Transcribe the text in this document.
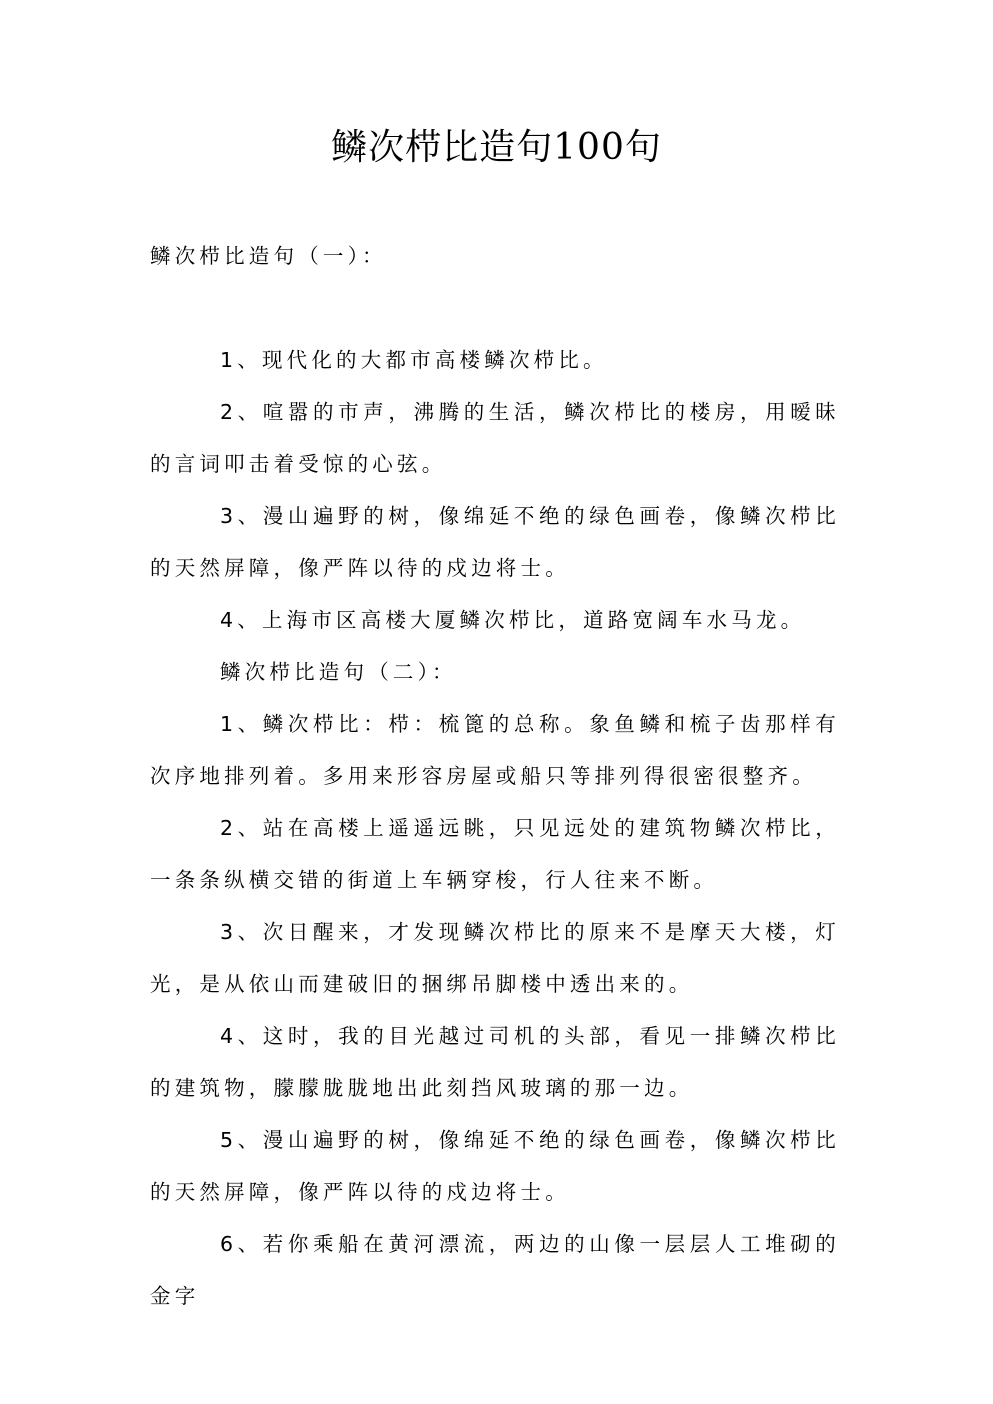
鳞次栉比造句100句
鳞次栉比造句（一）：

1、现代化的大都市高楼鳞次栉比。

2、喧嚣的市声，沸腾的生活，鳞次栉比的楼房，用暧昧的言词叩击着受惊的心弦。

3、漫山遍野的树，像绵延不绝的绿色画卷，像鳞次栉比的天然屏障，像严阵以待的戍边将士。

4、上海市区高楼大厦鳞次栉比，道路宽阔车水马龙。

鳞次栉比造句（二）：

1、鳞次栉比：栉：梳篦的总称。象鱼鳞和梳子齿那样有次序地排列着。多用来形容房屋或船只等排列得很密很整齐。

2、站在高楼上遥遥远眺，只见远处的建筑物鳞次栉比，一条条纵横交错的街道上车辆穿梭，行人往来不断。

3、次日醒来，才发现鳞次栉比的原来不是摩天大楼，灯光，是从依山而建破旧的捆绑吊脚楼中透出来的。

4、这时，我的目光越过司机的头部，看见一排鳞次栉比的建筑物，朦朦胧胧地出此刻挡风玻璃的那一边。

5、漫山遍野的树，像绵延不绝的绿色画卷，像鳞次栉比的天然屏障，像严阵以待的戍边将士。

6、若你乘船在黄河漂流，两边的山像一层层人工堆砌的金字
